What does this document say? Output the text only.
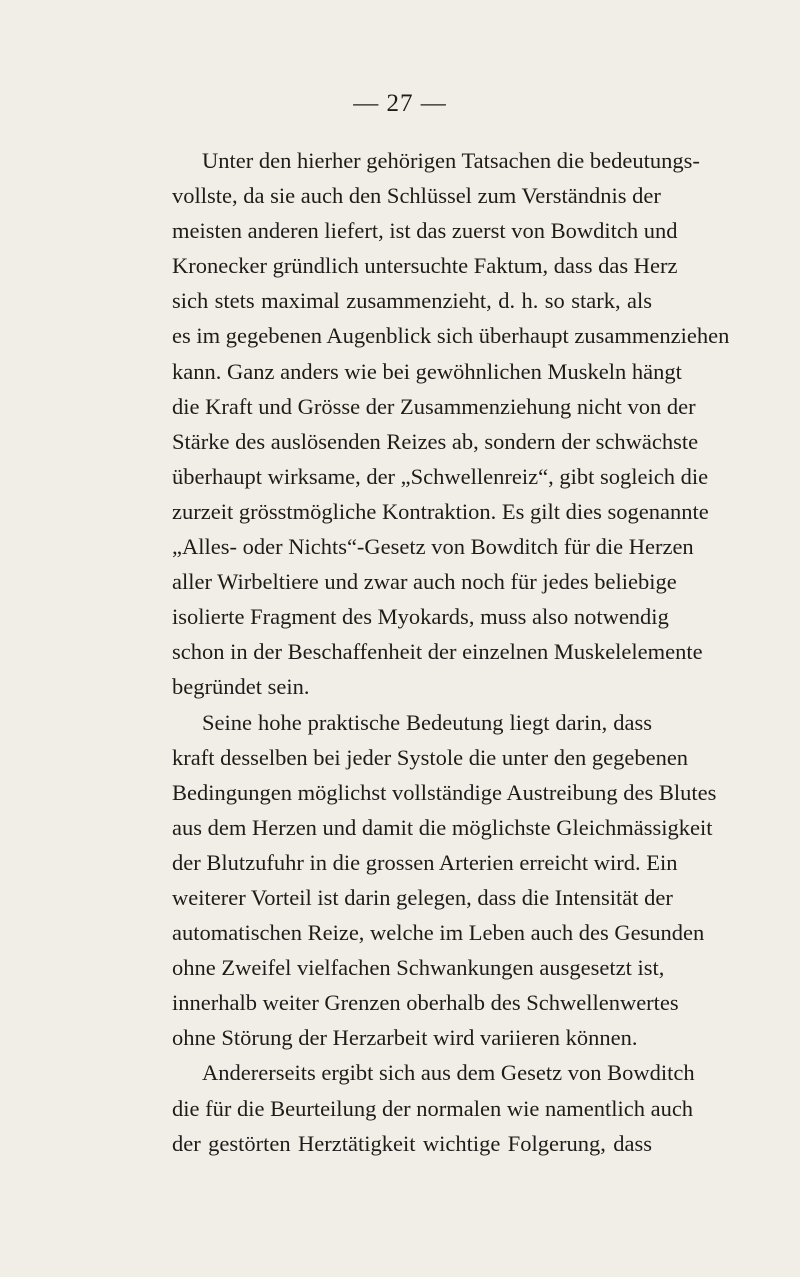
— 27 —
Unter den hierher gehörigen Tatsachen die bedeutungs-
vollste, da sie auch den Schlüssel zum Verständnis der
meisten anderen liefert, ist das zuerst von Bowditch und
Kronecker gründlich untersuchte Faktum, dass das Herz
sich stets maximal zusammenzieht, d. h. so stark, als
es im gegebenen Augenblick sich überhaupt zusammenziehen
kann. Ganz anders wie bei gewöhnlichen Muskeln hängt
die Kraft und Grösse der Zusammenziehung nicht von der
Stärke des auslösenden Reizes ab, sondern der schwächste
überhaupt wirksame, der „Schwellenreiz“, gibt sogleich die
zurzeit grösstmögliche Kontraktion. Es gilt dies sogenannte
„Alles- oder Nichts“-Gesetz von Bowditch für die Herzen
aller Wirbeltiere und zwar auch noch für jedes beliebige
isolierte Fragment des Myokards, muss also notwendig
schon in der Beschaffenheit der einzelnen Muskelelemente
begründet sein.
Seine hohe praktische Bedeutung liegt darin, dass
kraft desselben bei jeder Systole die unter den gegebenen
Bedingungen möglichst vollständige Austreibung des Blutes
aus dem Herzen und damit die möglichste Gleichmässigkeit
der Blutzufuhr in die grossen Arterien erreicht wird. Ein
weiterer Vorteil ist darin gelegen, dass die Intensität der
automatischen Reize, welche im Leben auch des Gesunden
ohne Zweifel vielfachen Schwankungen ausgesetzt ist,
innerhalb weiter Grenzen oberhalb des Schwellenwertes
ohne Störung der Herzarbeit wird variieren können.
Andererseits ergibt sich aus dem Gesetz von Bowditch
die für die Beurteilung der normalen wie namentlich auch
der gestörten Herztätigkeit wichtige Folgerung, dass
